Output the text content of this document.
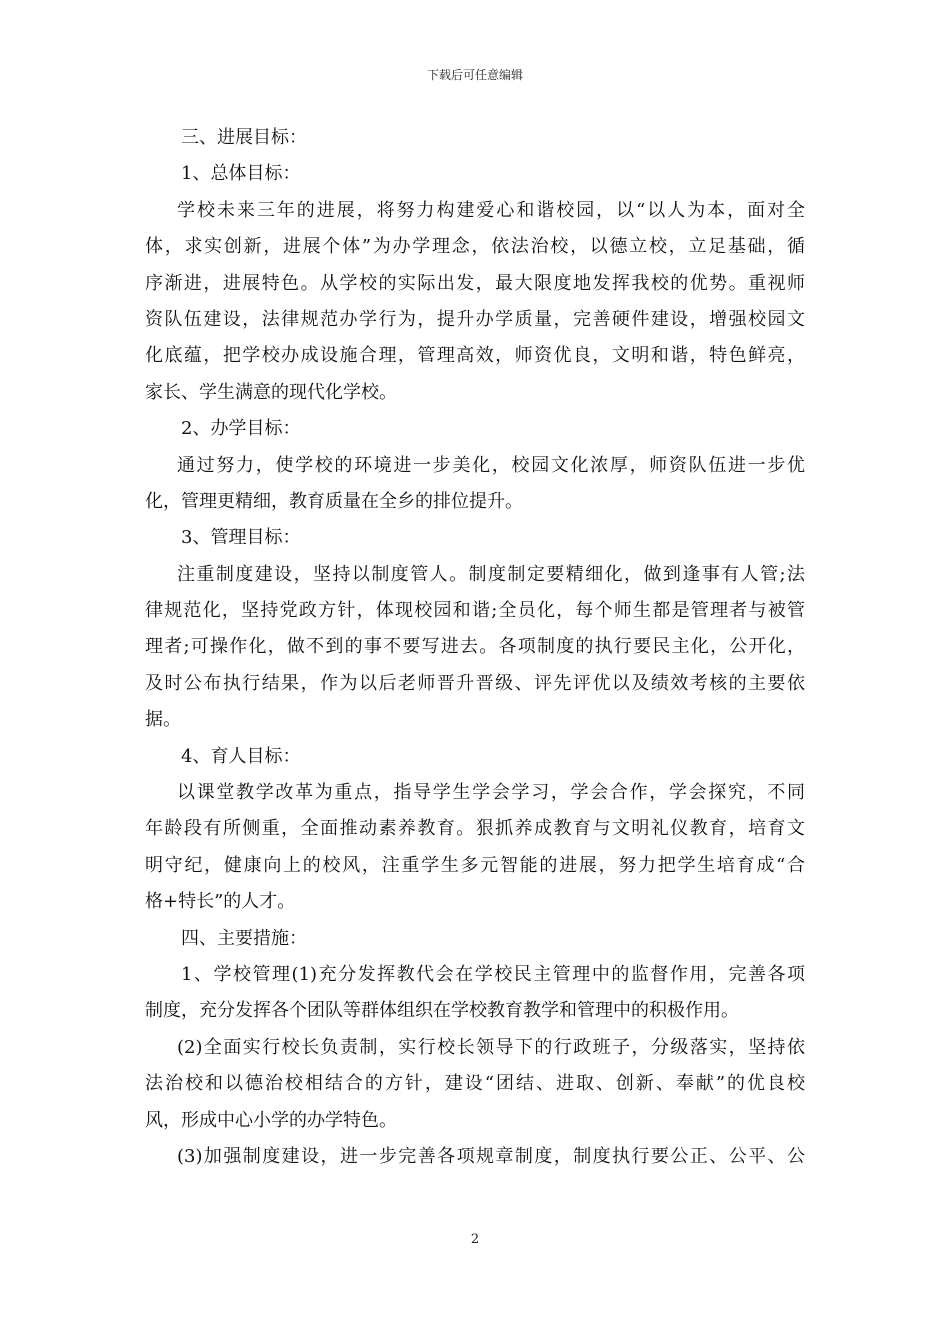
下载后可任意编辑
三、进展目标：
1、总体目标：
学校未来三年的进展，将努力构建爱心和谐校园，以“以人为本，面对全
体，求实创新，进展个体”为办学理念，依法治校，以德立校，立足基础，循
序渐进，进展特色。从学校的实际出发，最大限度地发挥我校的优势。重视师
资队伍建设，法律规范办学行为，提升办学质量，完善硬件建设，增强校园文
化底蕴，把学校办成设施合理，管理高效，师资优良，文明和谐，特色鲜亮，
家长、学生满意的现代化学校。
2、办学目标：
通过努力，使学校的环境进一步美化，校园文化浓厚，师资队伍进一步优
化，管理更精细，教育质量在全乡的排位提升。
3、管理目标：
注重制度建设，坚持以制度管人。制度制定要精细化，做到逢事有人管;法
律规范化，坚持党政方针，体现校园和谐;全员化，每个师生都是管理者与被管
理者;可操作化，做不到的事不要写进去。各项制度的执行要民主化，公开化，
及时公布执行结果，作为以后老师晋升晋级、评先评优以及绩效考核的主要依
据。
4、育人目标：
以课堂教学改革为重点，指导学生学会学习，学会合作，学会探究，不同
年龄段有所侧重，全面推动素养教育。狠抓养成教育与文明礼仪教育，培育文
明守纪，健康向上的校风，注重学生多元智能的进展，努力把学生培育成“合
格+特长”的人才。
四、主要措施：
1、学校管理(1)充分发挥教代会在学校民主管理中的监督作用，完善各项
制度，充分发挥各个团队等群体组织在学校教育教学和管理中的积极作用。
(2)全面实行校长负责制，实行校长领导下的行政班子，分级落实，坚持依
法治校和以德治校相结合的方针，建设“团结、进取、创新、奉献”的优良校
风，形成中心小学的办学特色。
(3)加强制度建设，进一步完善各项规章制度，制度执行要公正、公平、公
2
